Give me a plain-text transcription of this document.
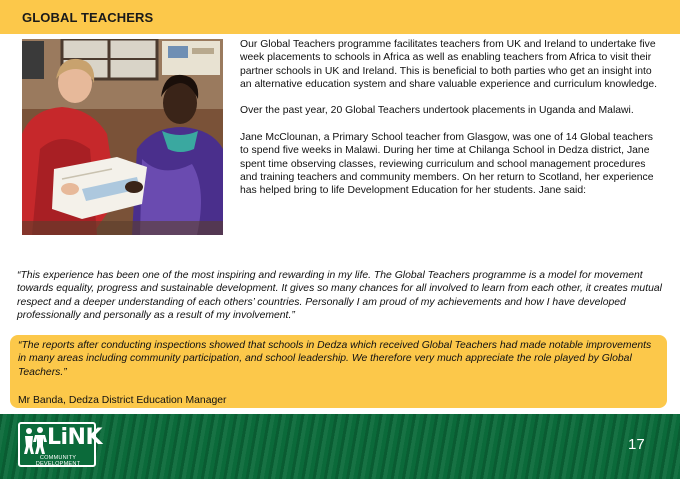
GLOBAL TEACHERS

Our Global Teachers programme facilitates teachers from UK and Ireland to undertake five week placements to schools in Africa as well as enabling teachers from Africa to visit their partner schools in UK and Ireland. This is beneficial to both parties who get an insight into an alternative education system and share valuable experience and curriculum knowledge.

Over the past year, 20 Global Teachers undertook placements in Uganda and Malawi.

Jane McClounan, a Primary School teacher from Glasgow, was one of 14 Global teachers to spend five weeks in Malawi. During her time at Chilanga School in Dedza district, Jane spent time observing classes, reviewing curriculum and school management procedures and training teachers and community members. On her return to Scotland, her experience has helped bring to life Development Education for her students. Jane said:

“This experience has been one of the most inspiring and rewarding in my life. The Global Teachers programme is a model for movement towards equality, progress and sustainable development. It gives so many chances for all involved to learn from each other, it creates mutual respect and a deeper understanding of each others’ countries. Personally I am proud of my achievements and how I have developed professionally and personally as a result of my involvement.”

“The reports after conducting inspections showed that schools in Dedza which received Global Teachers had made notable improvements in many areas including community participation, and school leadership. We therefore very much appreciate the role played by Global Teachers.”

Mr Banda, Dedza District Education Manager

LiNK
COMMUNITY DEVELOPMENT
17
